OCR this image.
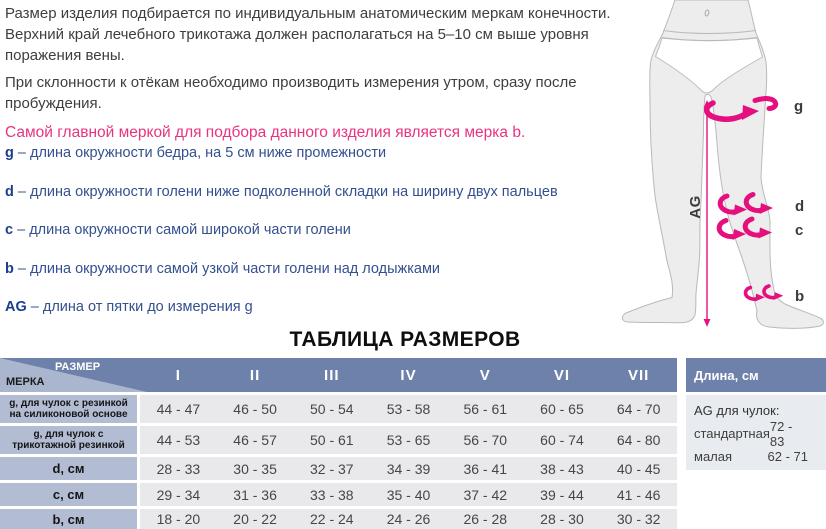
Размер изделия подбирается по индивидуальным анатомическим меркам конечности. Верхний край лечебного трикотажа должен располагаться на 5–10 см выше уровня поражения вены.

При склонности к отёкам необходимо производить измерения утром, сразу после пробуждения.

Самой главной меркой для подбора данного изделия является мерка b.

g – длина окружности бедра, на 5 см ниже промежности
d – длина окружности голени ниже подколенной складки на ширину двух пальцев
c – длина окружности самой широкой части голени
b – длина окружности самой узкой части голени над лодыжками
AG – длина от пятки до измерения g
AG
g
d
c
b
ТАБЛИЦА РАЗМЕРОВ
РАЗМЕР
МЕРКА	I	II	III	IV	V	VI	VII
g, для чулок с резинкой на силиконовой основе	44 - 47	46 - 50	50 - 54	53 - 58	56 - 61	60 - 65	64 - 70
g, для чулок с трикотажной резинкой	44 - 53	46 - 57	50 - 61	53 - 65	56 - 70	60 - 74	64 - 80
d, см	28 - 33	30 - 35	32 - 37	34 - 39	36 - 41	38 - 43	40 - 45
c, см	29 - 34	31 - 36	33 - 38	35 - 40	37 - 42	39 - 44	41 - 46
b, см	18 - 20	20 - 22	22 - 24	24 - 26	26 - 28	28 - 30	30 - 32
Длина, см
AG для чулок:
стандартная 72 - 83
малая	62 - 71
